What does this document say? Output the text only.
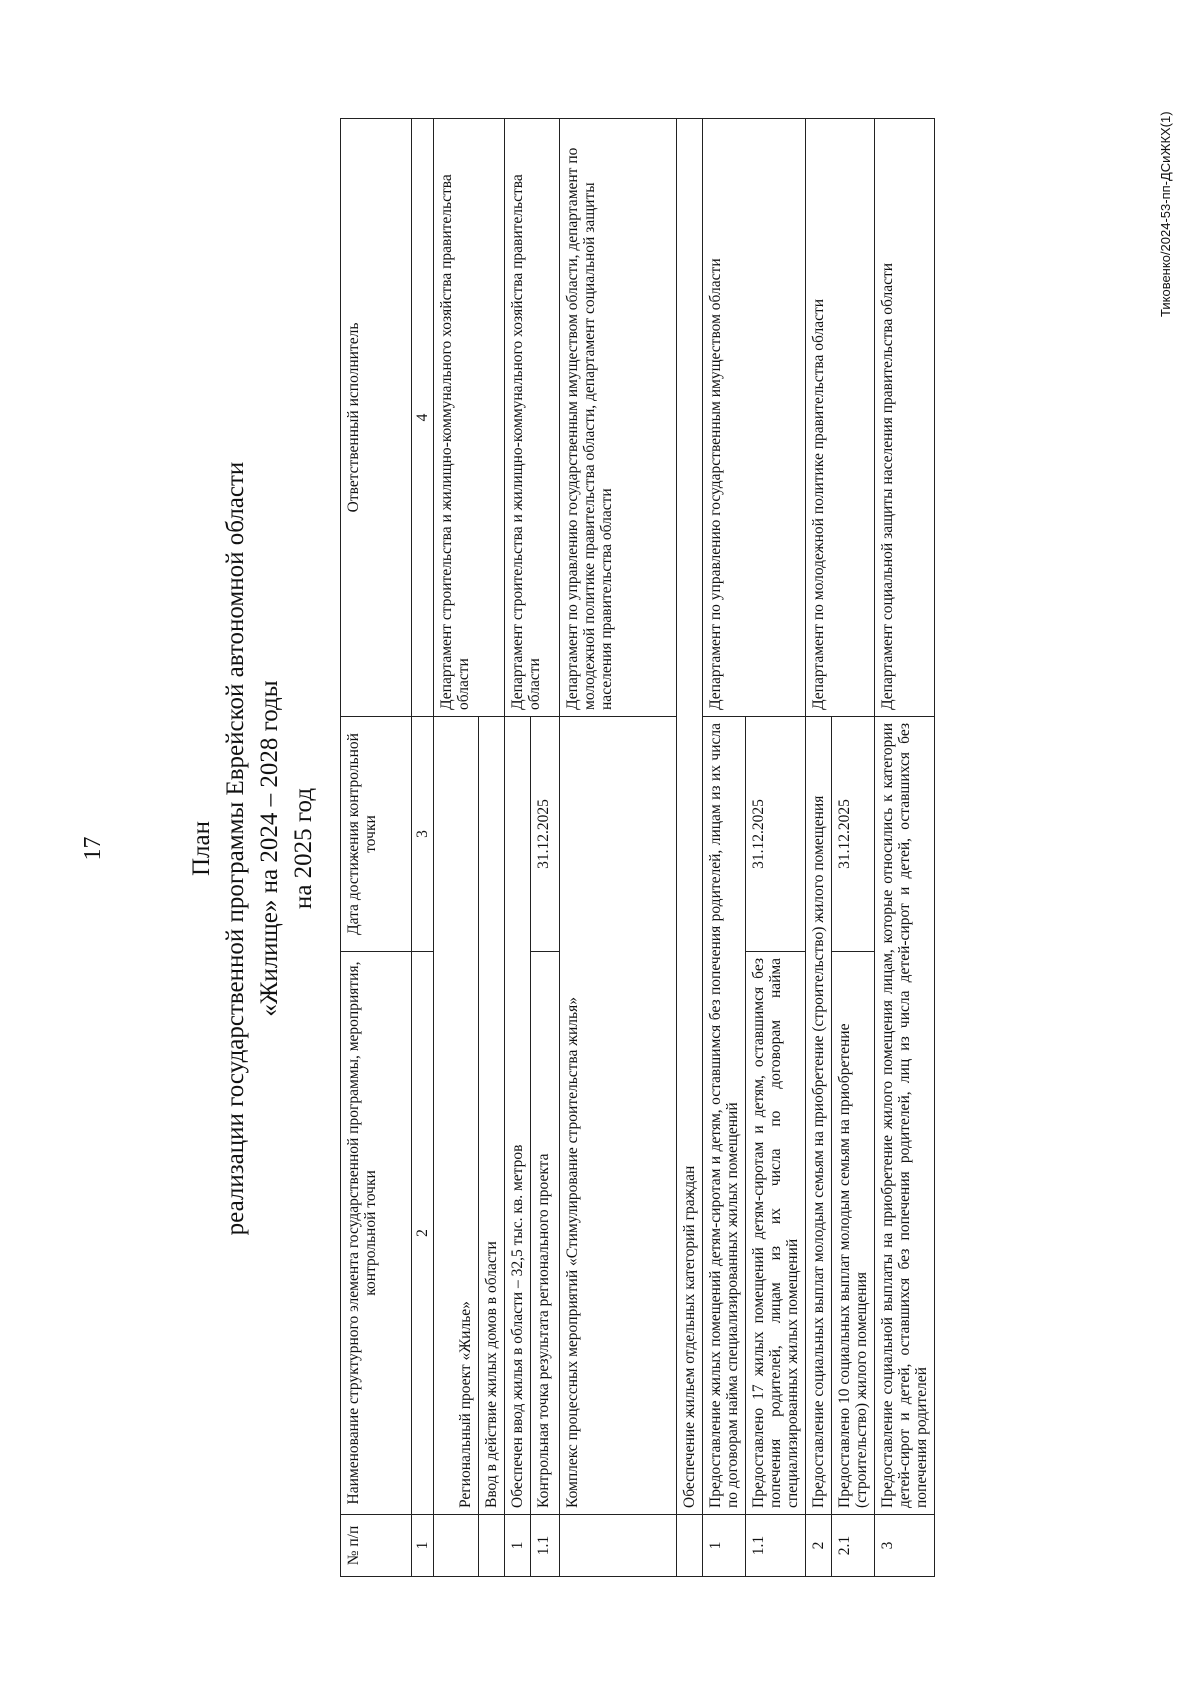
17	План реализации государственной программы Еврейской автономной области «Жилище» на 2024 – 2028 годы на 2025 год
№ п/п	Наименование структурного элемента государственной программы, мероприятия, контрольной точки	Дата достижения контрольной точки	Ответственный исполнитель
1	2	3	4
	Региональный проект «Жилье»		Департамент строительства и жилищно-коммунального хозяйства правительства области
	Ввод в действие жилых домов в области		
1	Обеспечен ввод жилья в области – 32,5 тыс. кв. метров		Департамент строительства и жилищно-коммунального хозяйства правительства области
1.1	Контрольная точка результата регионального проекта	31.12.2025	
	Комплекс процессных мероприятий «Стимулирование строительства жилья»		Департамент по управлению государственным имуществом области, департамент по молодежной политике правительства области, департамент социальной защиты населения правительства области
	Обеспечение жильем отдельных категорий граждан		
1	Предоставление жилых помещений детям-сиротам и детям, оставшимся без попечения родителей, лицам из их числа по договорам найма специализированных жилых помещений		Департамент по управлению государственным имуществом области
1.1	Предоставлено 17 жилых помещений детям-сиротам и детям, оставшимся без попечения родителей, лицам из их числа по договорам найма специализированных жилых помещений	31.12.2025	
2	Предоставление социальных выплат молодым семьям на приобретение (строительство) жилого помещения		Департамент по молодежной политике правительства области
2.1	Предоставлено 10 социальных выплат молодым семьям на приобретение (строительство) жилого помещения	31.12.2025	
3	Предоставление социальной выплаты на приобретение жилого помещения лицам, которые относились к категории детей-сирот и детей, оставшихся без попечения родителей, лиц из числа детей-сирот и детей, оставшихся без попечения родителей		Департамент социальной защиты населения правительства области
Тиковенко/2024-53-пп-ДСиЖКХ(1)
